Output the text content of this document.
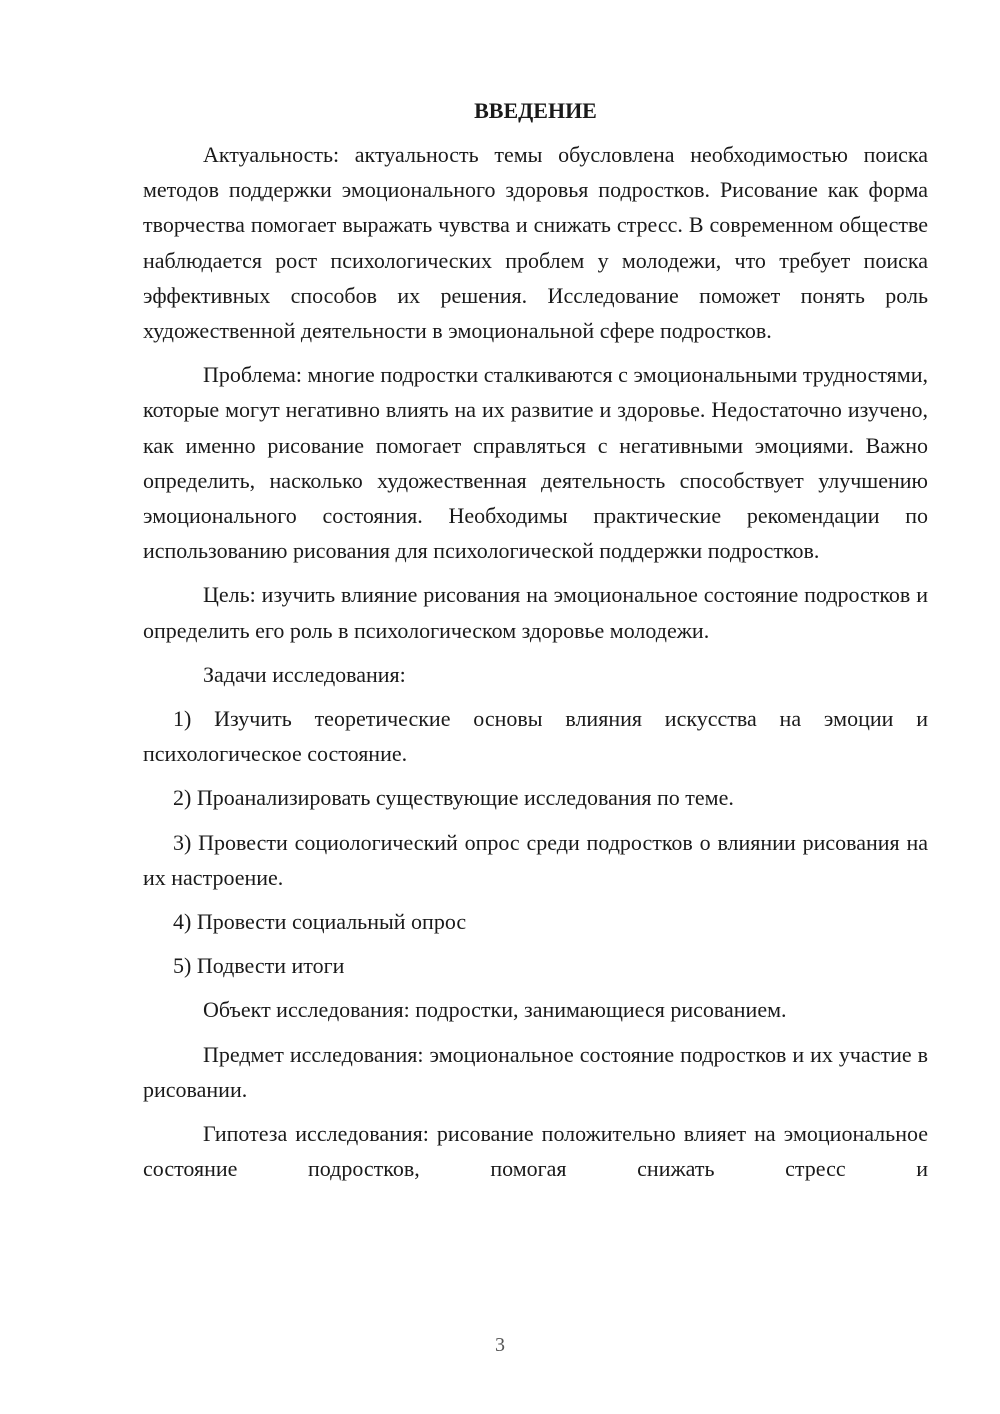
ВВЕДЕНИЕ

Актуальность: актуальность темы обусловлена необходимостью поиска методов поддержки эмоционального здоровья подростков. Рисование как форма творчества помогает выражать чувства и снижать стресс. В современном обществе наблюдается рост психологических проблем у молодежи, что требует поиска эффективных способов их решения. Исследование поможет понять роль художественной деятельности в эмоциональной сфере подростков.

Проблема: многие подростки сталкиваются с эмоциональными трудностями, которые могут негативно влиять на их развитие и здоровье. Недостаточно изучено, как именно рисование помогает справляться с негативными эмоциями. Важно определить, насколько художественная деятельность способствует улучшению эмоционального состояния. Необходимы практические рекомендации по использованию рисования для психологической поддержки подростков.

Цель: изучить влияние рисования на эмоциональное состояние подростков и определить его роль в психологическом здоровье молодежи.

Задачи исследования:

1) Изучить теоретические основы влияния искусства на эмоции и психологическое состояние.

2) Проанализировать существующие исследования по теме.

3) Провести социологический опрос среди подростков о влиянии рисования на их настроение.

4) Провести социальный опрос

5) Подвести итоги

Объект исследования: подростки, занимающиеся рисованием.

Предмет исследования: эмоциональное состояние подростков и их участие в рисовании.

Гипотеза исследования: рисование положительно влияет на эмоциональное состояние подростков, помогая снижать стресс и

3
